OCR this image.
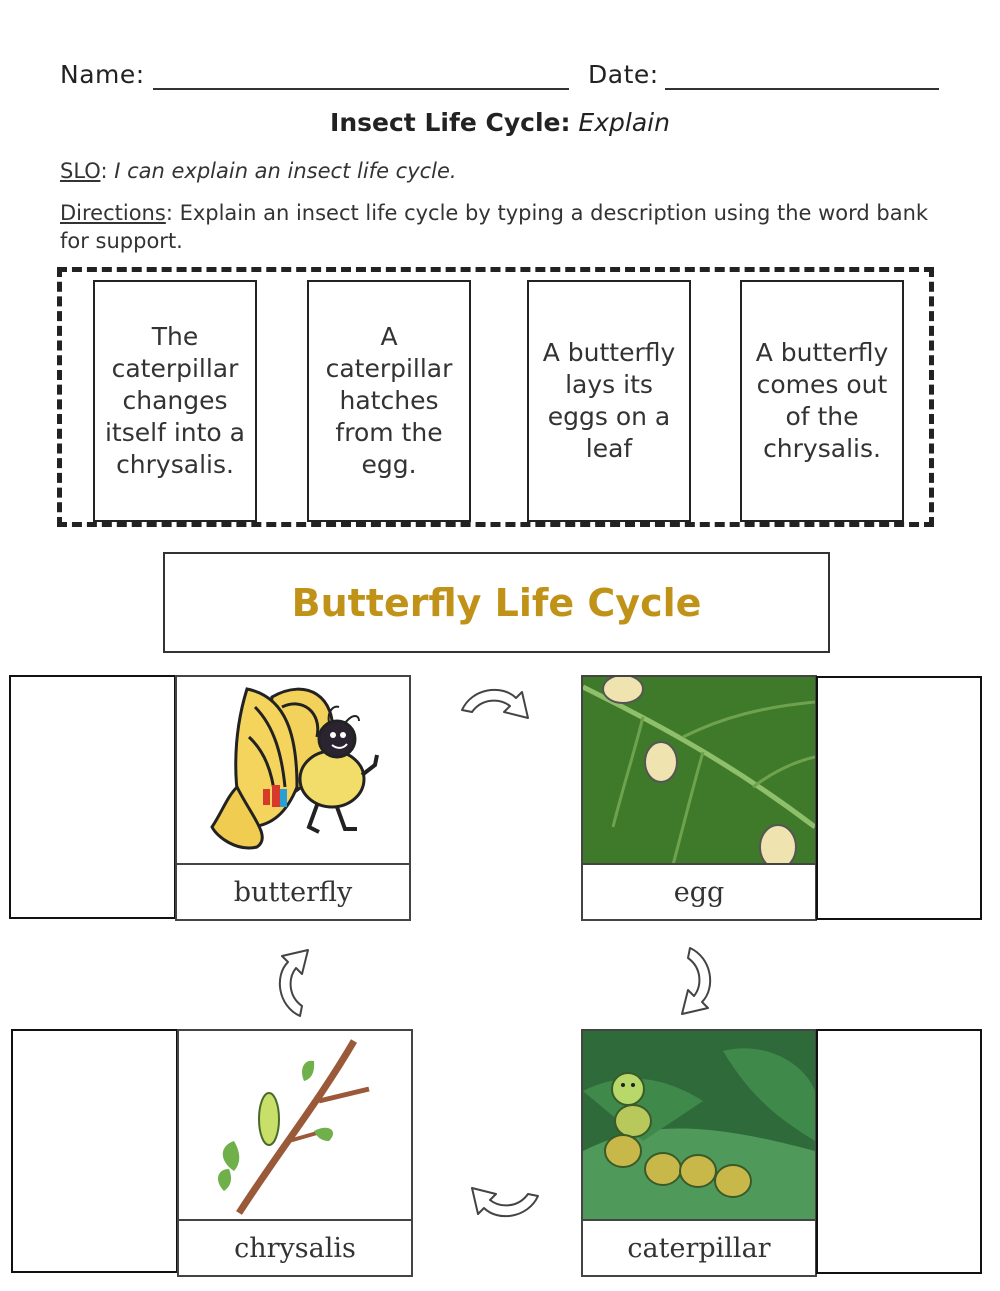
Name:	Date:
Insect Life Cycle: Explain
SLO: I can explain an insect life cycle.
Directions: Explain an insect life cycle by typing a description using the word bank for support.
The caterpillar changes itself into a chrysalis.
A caterpillar hatches from the egg.
A butterfly lays its eggs on a leaf
A butterfly comes out of the chrysalis.
Butterfly Life Cycle
butterfly	egg
chrysalis	caterpillar
